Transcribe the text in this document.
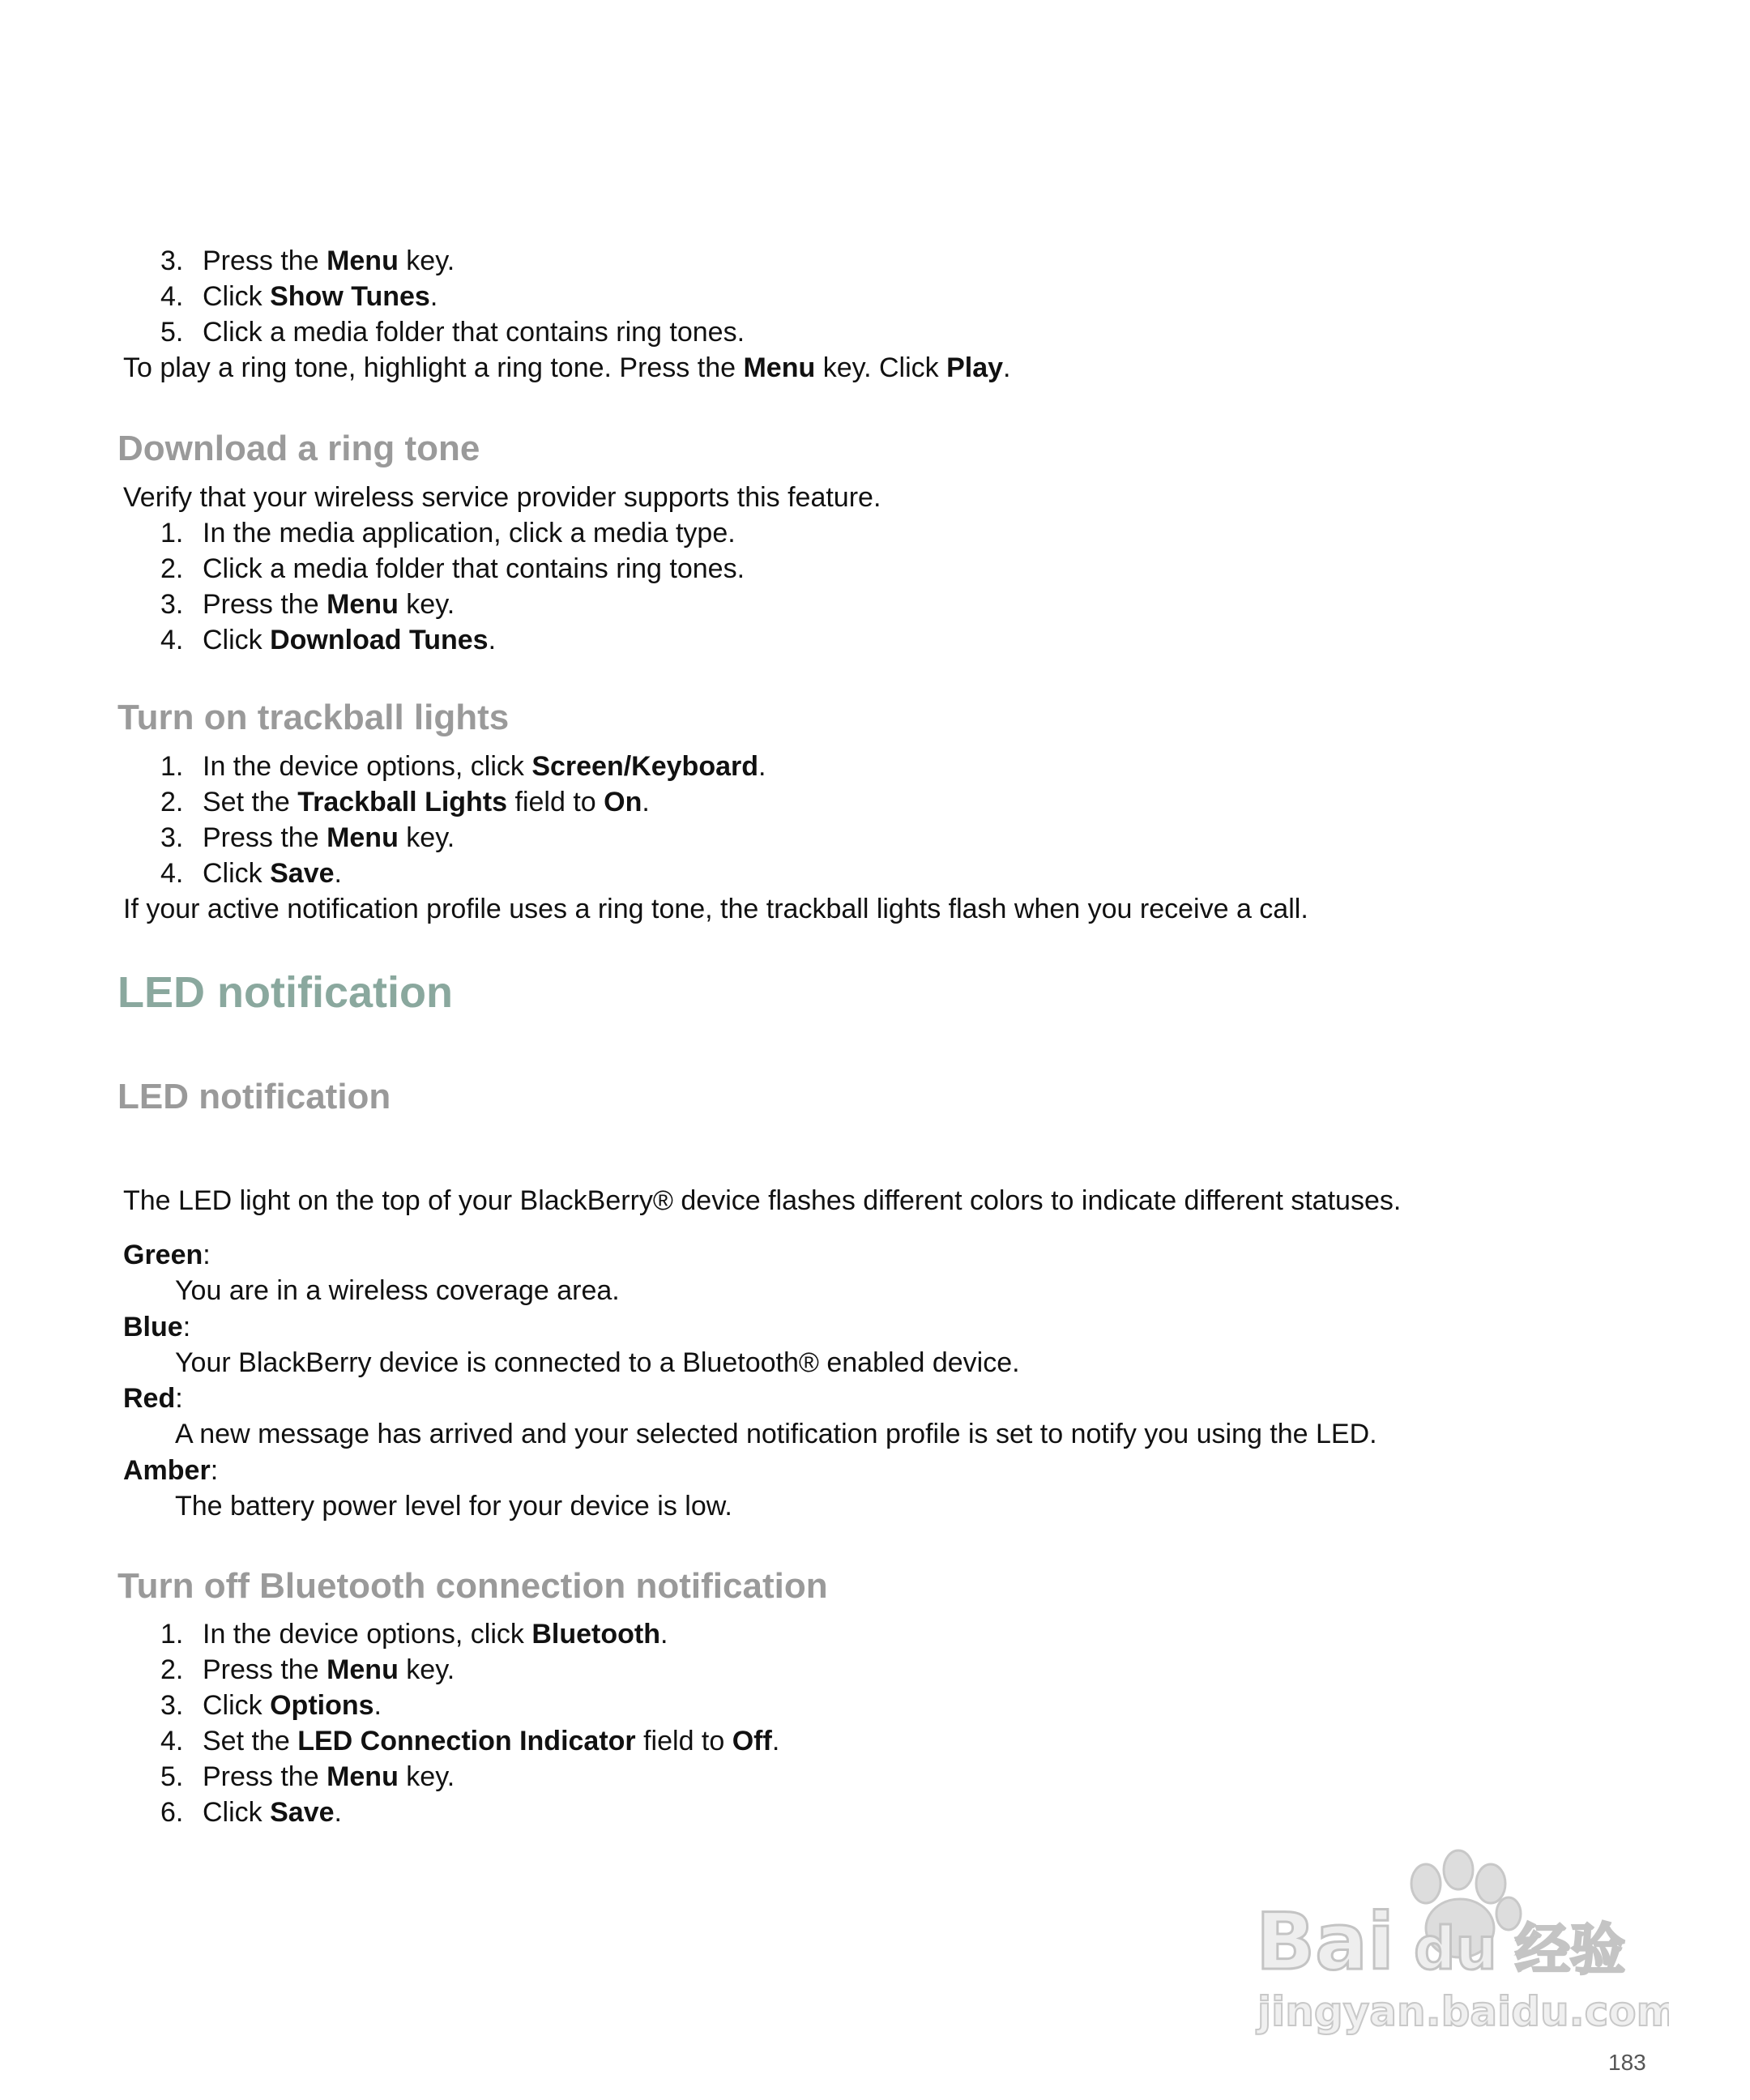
3. Press the Menu key.
4. Click Show Tunes.
5. Click a media folder that contains ring tones.
To play a ring tone, highlight a ring tone. Press the Menu key. Click Play.
Download a ring tone
Verify that your wireless service provider supports this feature.
1. In the media application, click a media type.
2. Click a media folder that contains ring tones.
3. Press the Menu key.
4. Click Download Tunes.
Turn on trackball lights
1. In the device options, click Screen/Keyboard.
2. Set the Trackball Lights field to On.
3. Press the Menu key.
4. Click Save.
If your active notification profile uses a ring tone, the trackball lights flash when you receive a call.
LED notification
LED notification
The LED light on the top of your BlackBerry® device flashes different colors to indicate different statuses.
Green:
You are in a wireless coverage area.
Blue:
Your BlackBerry device is connected to a Bluetooth® enabled device.
Red:
A new message has arrived and your selected notification profile is set to notify you using the LED.
Amber:
The battery power level for your device is low.
Turn off Bluetooth connection notification
1. In the device options, click Bluetooth.
2. Press the Menu key.
3. Click Options.
4. Set the LED Connection Indicator field to Off.
5. Press the Menu key.
6. Click Save.
Bai du 经验
jingyan.baidu.com
183
